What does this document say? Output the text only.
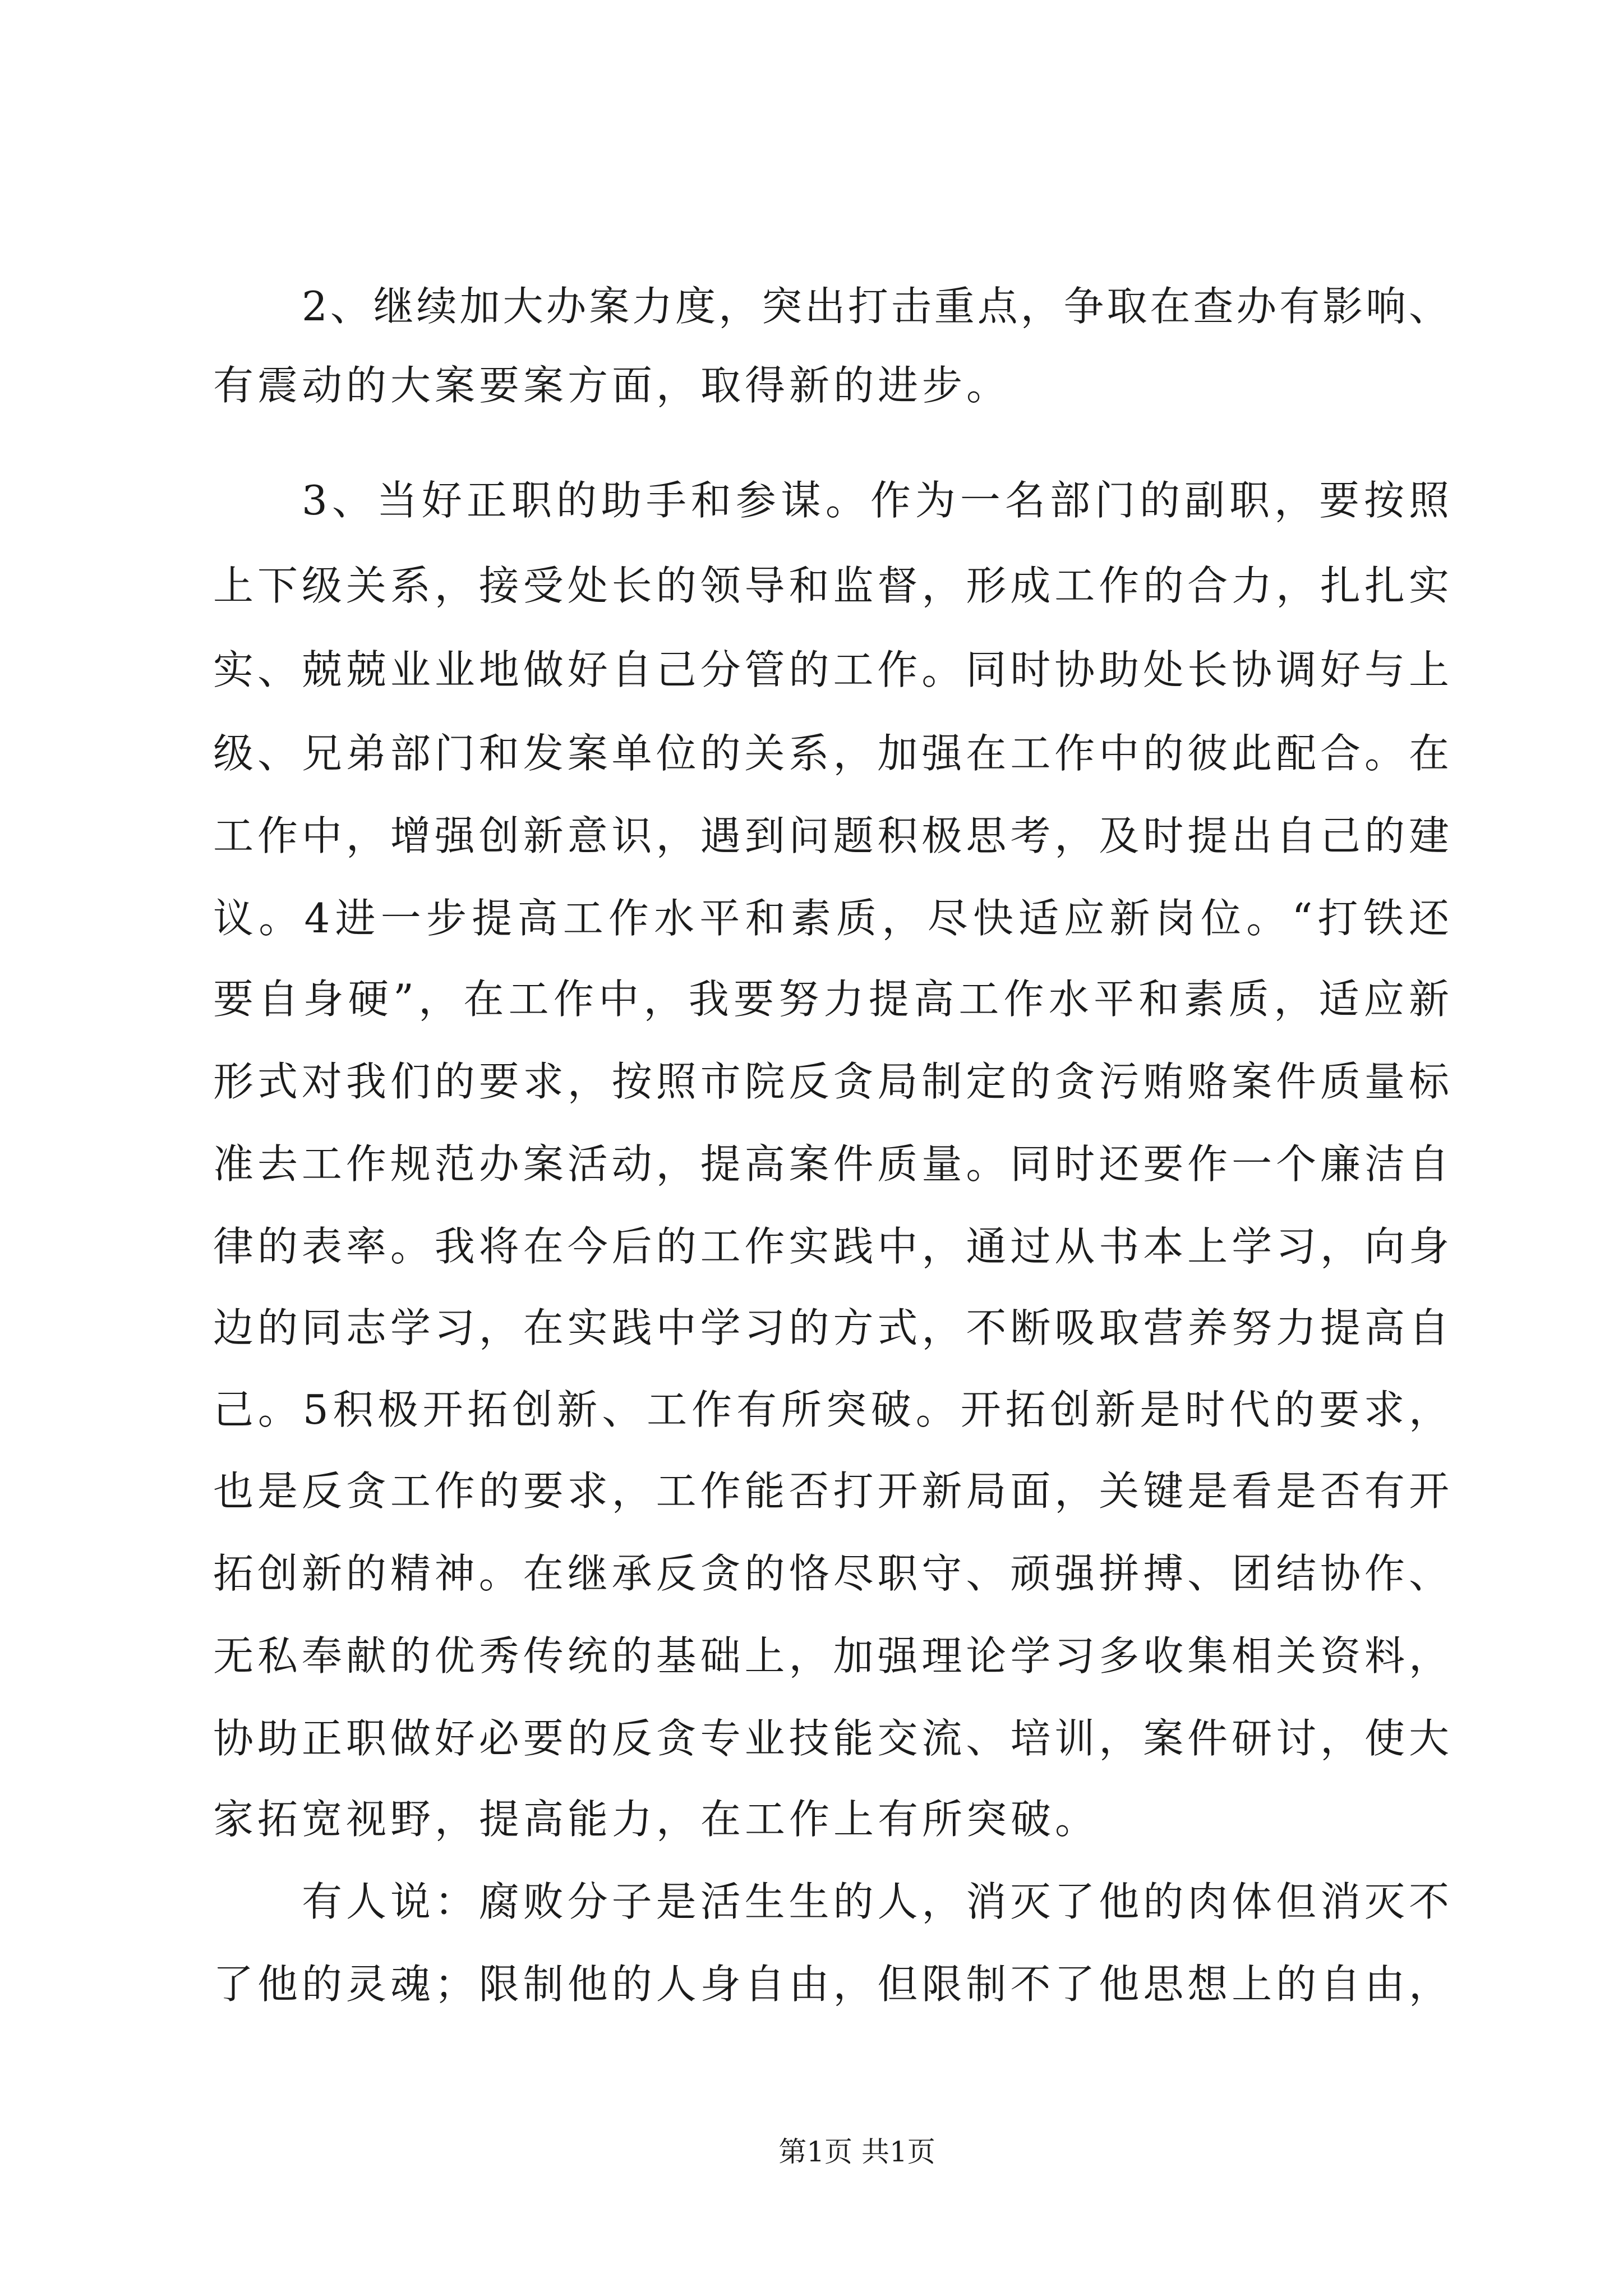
2、继续加大办案力度，突出打击重点，争取在查办有影响、
有震动的大案要案方面，取得新的进步。
3、当好正职的助手和参谋。作为一名部门的副职，要按照
上下级关系，接受处长的领导和监督，形成工作的合力，扎扎实
实、兢兢业业地做好自己分管的工作。同时协助处长协调好与上
级、兄弟部门和发案单位的关系，加强在工作中的彼此配合。在
工作中，增强创新意识，遇到问题积极思考，及时提出自己的建
议。4进一步提高工作水平和素质，尽快适应新岗位。“打铁还
要自身硬”，在工作中，我要努力提高工作水平和素质，适应新
形式对我们的要求，按照市院反贪局制定的贪污贿赂案件质量标
准去工作规范办案活动，提高案件质量。同时还要作一个廉洁自
律的表率。我将在今后的工作实践中，通过从书本上学习，向身
边的同志学习，在实践中学习的方式，不断吸取营养努力提高自
己。5积极开拓创新、工作有所突破。开拓创新是时代的要求，
也是反贪工作的要求，工作能否打开新局面，关键是看是否有开
拓创新的精神。在继承反贪的恪尽职守、顽强拼搏、团结协作、
无私奉献的优秀传统的基础上，加强理论学习多收集相关资料，
协助正职做好必要的反贪专业技能交流、培训，案件研讨，使大
家拓宽视野，提高能力，在工作上有所突破。
有人说：腐败分子是活生生的人，消灭了他的肉体但消灭不
了他的灵魂；限制他的人身自由，但限制不了他思想上的自由，
第1页 共1页
